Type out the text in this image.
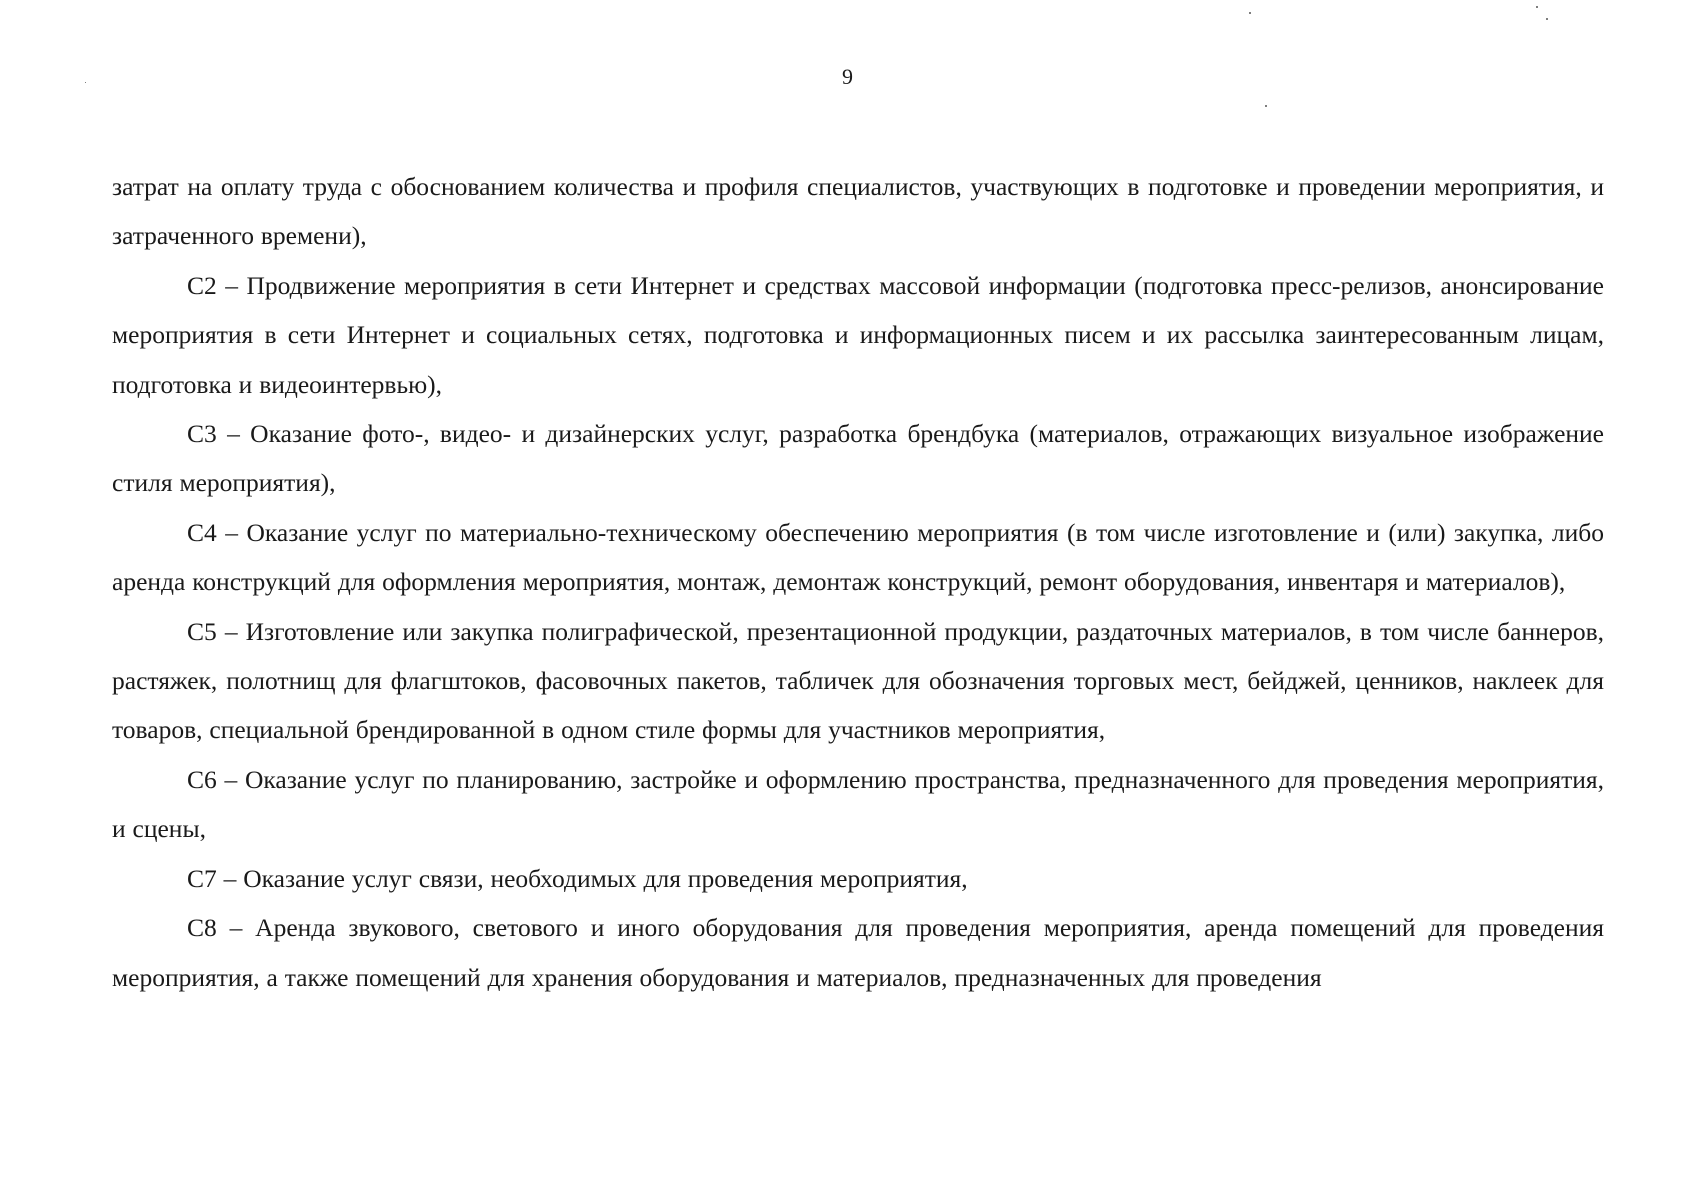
9

затрат на оплату труда с обоснованием количества и профиля специалистов, участвующих в подготовке и проведении мероприятия, и затраченного времени),

С2 – Продвижение мероприятия в сети Интернет и средствах массовой информации (подготовка пресс-релизов, анонсирование мероприятия в сети Интернет и социальных сетях, подготовка и информационных писем и их рассылка заинтересованным лицам, подготовка и видеоинтервью),

С3 – Оказание фото-, видео- и дизайнерских услуг, разработка брендбука (материалов, отражающих визуальное изображение стиля мероприятия),

С4 – Оказание услуг по материально-техническому обеспечению мероприятия (в том числе изготовление и (или) закупка, либо аренда конструкций для оформления мероприятия, монтаж, демонтаж конструкций, ремонт оборудования, инвентаря и материалов),

С5 – Изготовление или закупка полиграфической, презентационной продукции, раздаточных материалов, в том числе баннеров, растяжек, полотнищ для флагштоков, фасовочных пакетов, табличек для обозначения торговых мест, бейджей, ценников, наклеек для товаров, специальной брендированной в одном стиле формы для участников мероприятия,

С6 – Оказание услуг по планированию, застройке и оформлению пространства, предназначенного для проведения мероприятия, и сцены,

С7 – Оказание услуг связи, необходимых для проведения мероприятия,

С8 – Аренда звукового, светового и иного оборудования для проведения мероприятия, аренда помещений для проведения мероприятия, а также помещений для хранения оборудования и материалов, предназначенных для проведения
